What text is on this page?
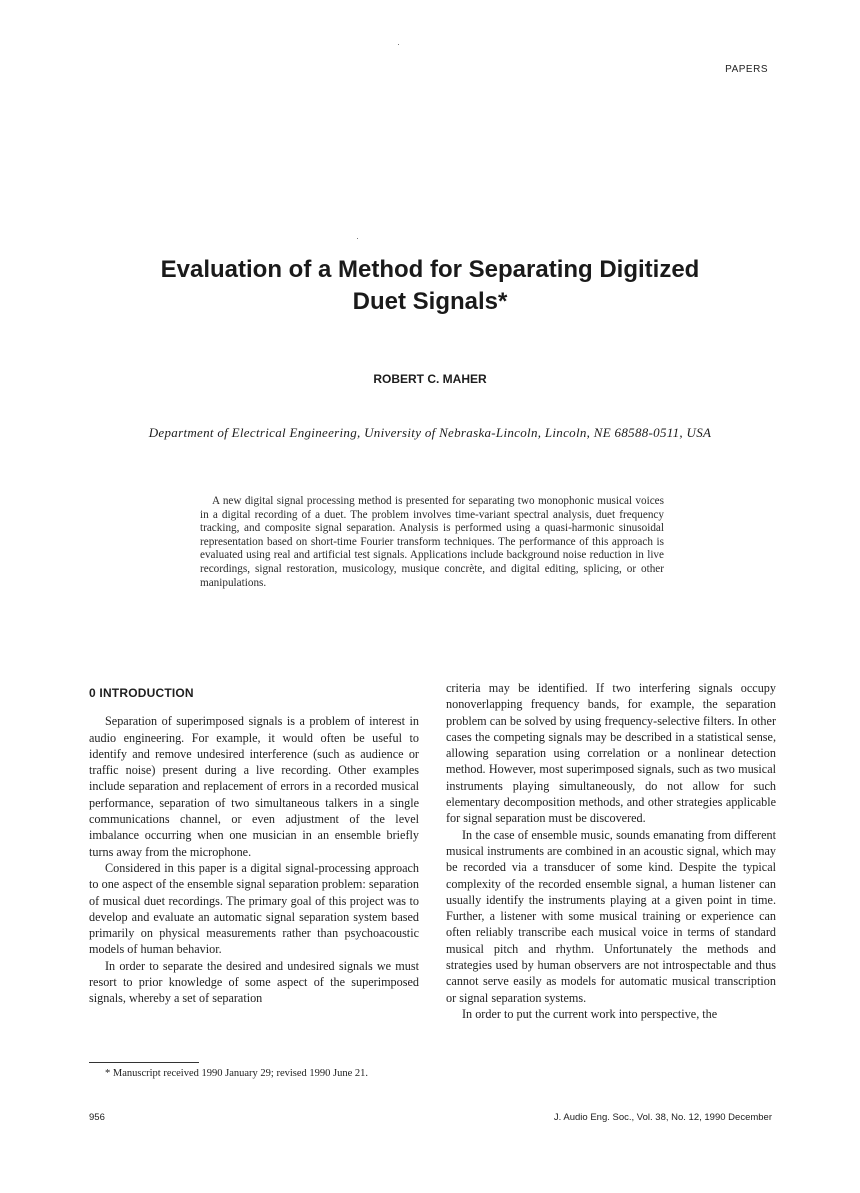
PAPERS
Evaluation of a Method for Separating Digitized
Duet Signals*
ROBERT C. MAHER
Department of Electrical Engineering, University of Nebraska-Lincoln, Lincoln, NE 68588-0511, USA
A new digital signal processing method is presented for separating two monophonic musical voices in a digital recording of a duet. The problem involves time-variant spectral analysis, duet frequency tracking, and composite signal separation. Analysis is performed using a quasi-harmonic sinusoidal representation based on short-time Fourier transform techniques. The performance of this approach is evaluated using real and artificial test signals. Applications include background noise reduction in live recordings, signal restoration, musicology, musique concrète, and digital editing, splicing, or other manipulations.
0 INTRODUCTION

Separation of superimposed signals is a problem of interest in audio engineering. For example, it would often be useful to identify and remove undesired interference (such as audience or traffic noise) present during a live recording. Other examples include separation and replacement of errors in a recorded musical performance, separation of two simultaneous talkers in a single communications channel, or even adjustment of the level imbalance occurring when one musician in an ensemble briefly turns away from the microphone.

Considered in this paper is a digital signal-processing approach to one aspect of the ensemble signal separation problem: separation of musical duet recordings. The primary goal of this project was to develop and evaluate an automatic signal separation system based primarily on physical measurements rather than psychoacoustic models of human behavior.

In order to separate the desired and undesired signals we must resort to prior knowledge of some aspect of the superimposed signals, whereby a set of separation

criteria may be identified. If two interfering signals occupy nonoverlapping frequency bands, for example, the separation problem can be solved by using frequency-selective filters. In other cases the competing signals may be described in a statistical sense, allowing separation using correlation or a nonlinear detection method. However, most superimposed signals, such as two musical instruments playing simultaneously, do not allow for such elementary decomposition methods, and other strategies applicable for signal separation must be discovered.

In the case of ensemble music, sounds emanating from different musical instruments are combined in an acoustic signal, which may be recorded via a transducer of some kind. Despite the typical complexity of the recorded ensemble signal, a human listener can usually identify the instruments playing at a given point in time. Further, a listener with some musical training or experience can often reliably transcribe each musical voice in terms of standard musical pitch and rhythm. Unfortunately the methods and strategies used by human observers are not introspectable and thus cannot serve easily as models for automatic musical transcription or signal separation systems.

In order to put the current work into perspective, the

* Manuscript received 1990 January 29; revised 1990 June 21.
956	J. Audio Eng. Soc., Vol. 38, No. 12, 1990 December
